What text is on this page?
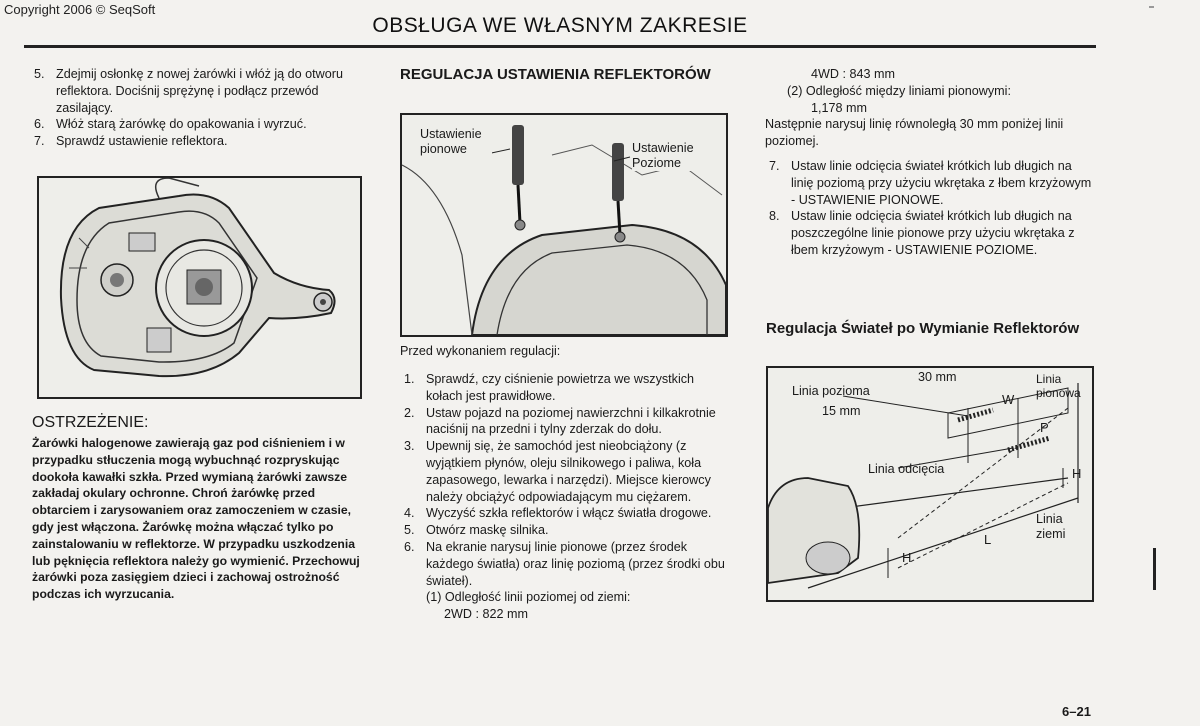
Copyright 2006 © SeqSoft
OBSŁUGA WE WŁASNYM ZAKRESIE
5. Zdejmij osłonkę z nowej żarówki i włóż ją do otworu reflektora. Dociśnij sprężynę i podłącz przewód zasilający.
6. Włóż starą żarówkę do opakowania i wyrzuć.
7. Sprawdź ustawienie reflektora.
OSTRZEŻENIE:
Żarówki halogenowe zawierają gaz pod ciśnieniem i w przypadku stłuczenia mogą wybuchnąć rozpryskując dookoła kawałki szkła. Przed wymianą żarówki zawsze zakładaj okulary ochronne. Chroń żarówkę przed obtarciem i zarysowaniem oraz zamoczeniem w czasie, gdy jest włączona. Żarówkę można włączać tylko po zainstalowaniu w reflektorze. W przypadku uszkodzenia lub pęknięcia reflektora należy go wymienić. Przechowuj żarówki poza zasięgiem dzieci i zachowaj ostrożność podczas ich wyrzucania.
REGULACJA USTAWIENIA REFLEKTORÓW
Ustawienie pionowe	Ustawienie Poziome
Przed wykonaniem regulacji:
1. Sprawdź, czy ciśnienie powietrza we wszystkich kołach jest prawidłowe.
2. Ustaw pojazd na poziomej nawierzchni i kilkakrotnie naciśnij na przedni i tylny zderzak do dołu.
3. Upewnij się, że samochód jest nieobciążony (z wyjątkiem płynów, oleju silnikowego i paliwa, koła zapasowego, lewarka i narzędzi). Miejsce kierowcy należy obciążyć odpowiadającym mu ciężarem.
4. Wyczyść szkła reflektorów i włącz światła drogowe.
5. Otwórz maskę silnika.
6. Na ekranie narysuj linie pionowe (przez środek każdego światła) oraz linię poziomą (przez środki obu świateł).
(1) Odległość linii poziomej od ziemi:
2WD : 822 mm
4WD : 843 mm
(2) Odległość między liniami pionowymi:
1,178 mm
Następnie narysuj linię równoległą 30 mm poniżej linii poziomej.
7. Ustaw linie odcięcia świateł krótkich lub długich na linię poziomą przy użyciu wkrętaka z łbem krzyżowym - USTAWIENIE PIONOWE.
8. Ustaw linie odcięcia świateł krótkich lub długich na poszczególne linie pionowe przy użyciu wkrętaka z łbem krzyżowym - USTAWIENIE POZIOME.
Regulacja Świateł po Wymianie Reflektorów
Linia pozioma
15 mm
30 mm	Linia pionowa
W
P
Linia odcięcia	H
Linia ziemi
L
H
6–21
